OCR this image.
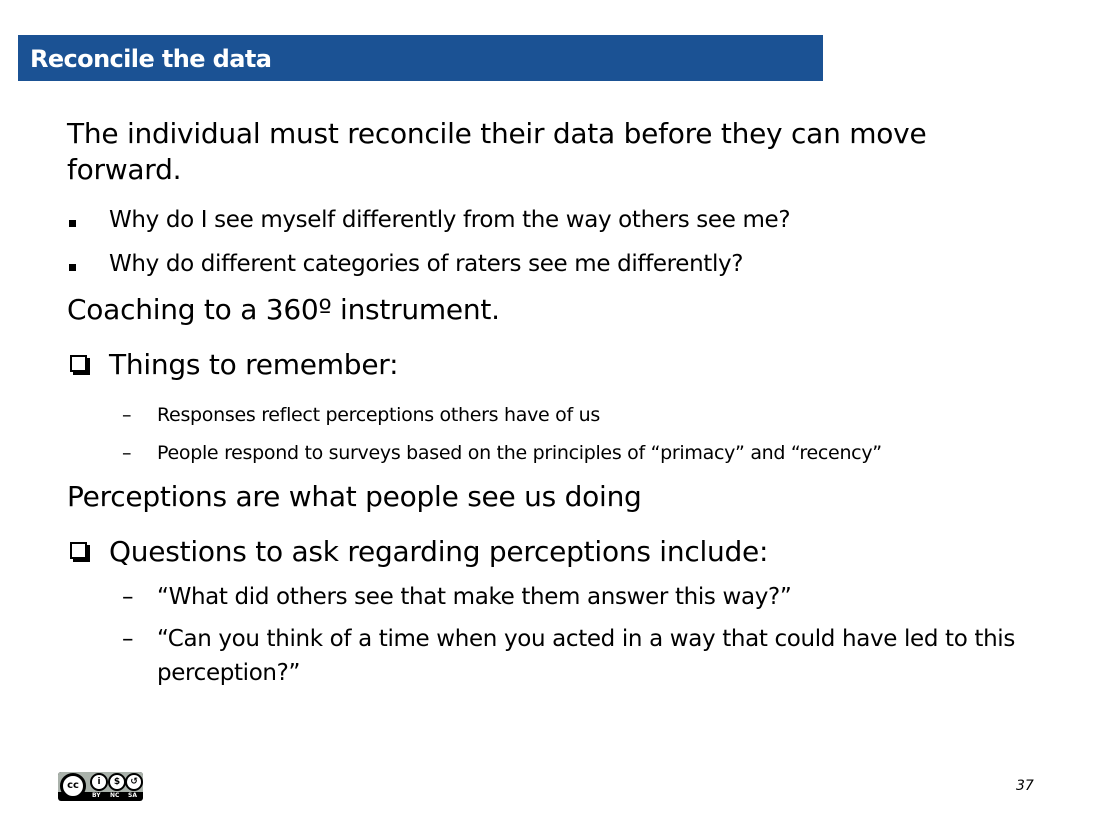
Reconcile the data
The individual must reconcile their data before they can move forward.
Why do I see myself differently from the way others see me?
Why do different categories of raters see me differently?
Coaching to a 360º instrument.
Things to remember:
– Responses reflect perceptions others have of us
– People respond to surveys based on the principles of “primacy” and “recency”
Perceptions are what people see us doing
Questions to ask regarding perceptions include:
– “What did others see that make them answer this way?”
– “Can you think of a time when you acted in a way that could have led to this perception?”
cc	i	$	↺
BY NC SA
37
